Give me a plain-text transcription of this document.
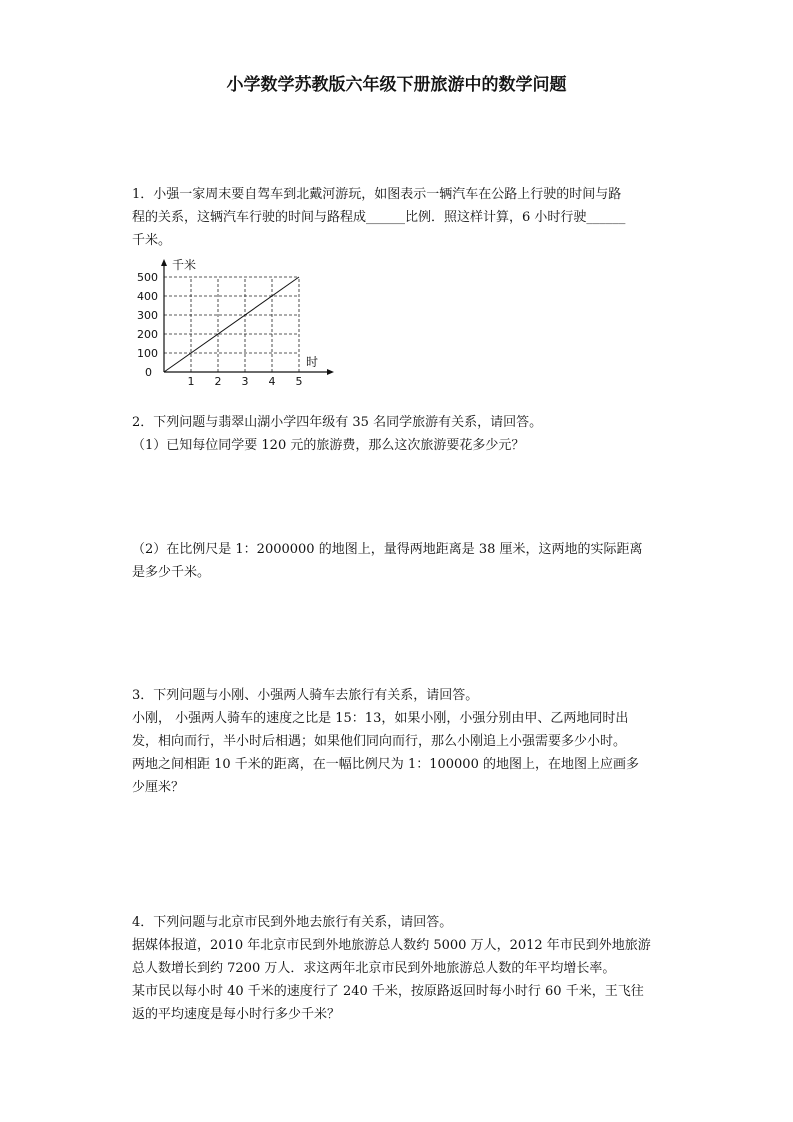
小学数学苏教版六年级下册旅游中的数学问题

1．小强一家周末要自驾车到北戴河游玩，如图表示一辆汽车在公路上行驶的时间与路

程的关系，这辆汽车行驶的时间与路程成______比例．照这样计算，6 小时行驶______

千米。

0
100
200
300
400
500
1 2 3 4 5
千米
时

2．下列问题与翡翠山湖小学四年级有 35 名同学旅游有关系，请回答。

（1）已知每位同学要 120 元的旅游费，那么这次旅游要花多少元？

（2）在比例尺是 1：2000000 的地图上，量得两地距离是 38 厘米，这两地的实际距离

是多少千米。

3．下列问题与小刚、小强两人骑车去旅行有关系，请回答。

小刚， 小强两人骑车的速度之比是 15：13，如果小刚，小强分别由甲、乙两地同时出

发，相向而行，半小时后相遇；如果他们同向而行，那么小刚追上小强需要多少小时。

两地之间相距 10 千米的距离，在一幅比例尺为 1：100000 的地图上，在地图上应画多

少厘米？

4．下列问题与北京市民到外地去旅行有关系，请回答。

据媒体报道，2010 年北京市民到外地旅游总人数约 5000 万人，2012 年市民到外地旅游

总人数增长到约 7200 万人．求这两年北京市民到外地旅游总人数的年平均增长率。

某市民以每小时 40 千米的速度行了 240 千米，按原路返回时每小时行 60 千米，王飞往

返的平均速度是每小时行多少千米？
